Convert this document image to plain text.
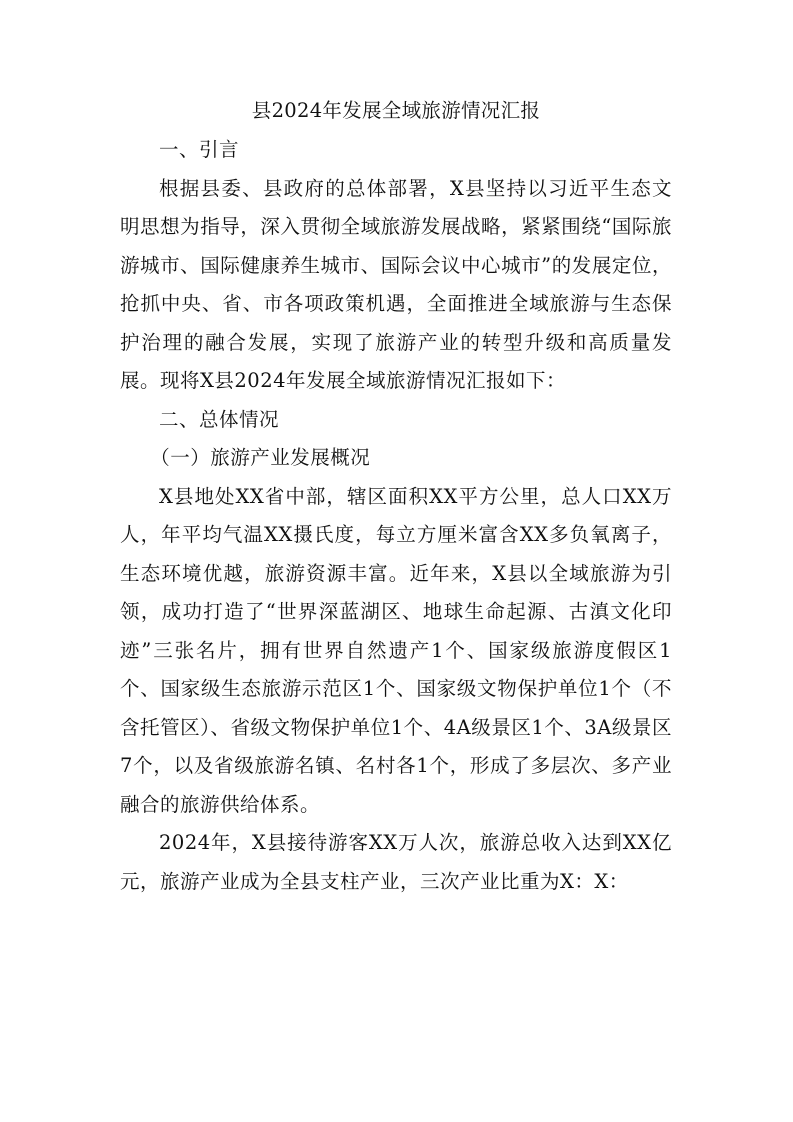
县2024年发展全域旅游情况汇报

一、引言

根据县委、县政府的总体部署，X县坚持以习近平生态文明思想为指导，深入贯彻全域旅游发展战略，紧紧围绕“国际旅游城市、国际健康养生城市、国际会议中心城市”的发展定位，抢抓中央、省、市各项政策机遇，全面推进全域旅游与生态保护治理的融合发展，实现了旅游产业的转型升级和高质量发展。现将X县2024年发展全域旅游情况汇报如下：

二、总体情况

（一）旅游产业发展概况

X县地处XX省中部，辖区面积XX平方公里，总人口XX万人，年平均气温XX摄氏度，每立方厘米富含XX多负氧离子，生态环境优越，旅游资源丰富。近年来，X县以全域旅游为引领，成功打造了“世界深蓝湖区、地球生命起源、古滇文化印迹”三张名片，拥有世界自然遗产1个、国家级旅游度假区1个、国家级生态旅游示范区1个、国家级文物保护单位1个（不含托管区）、省级文物保护单位1个、4A级景区1个、3A级景区7个，以及省级旅游名镇、名村各1个，形成了多层次、多产业融合的旅游供给体系。

2024年，X县接待游客XX万人次，旅游总收入达到XX亿元，旅游产业成为全县支柱产业，三次产业比重为X：X：
